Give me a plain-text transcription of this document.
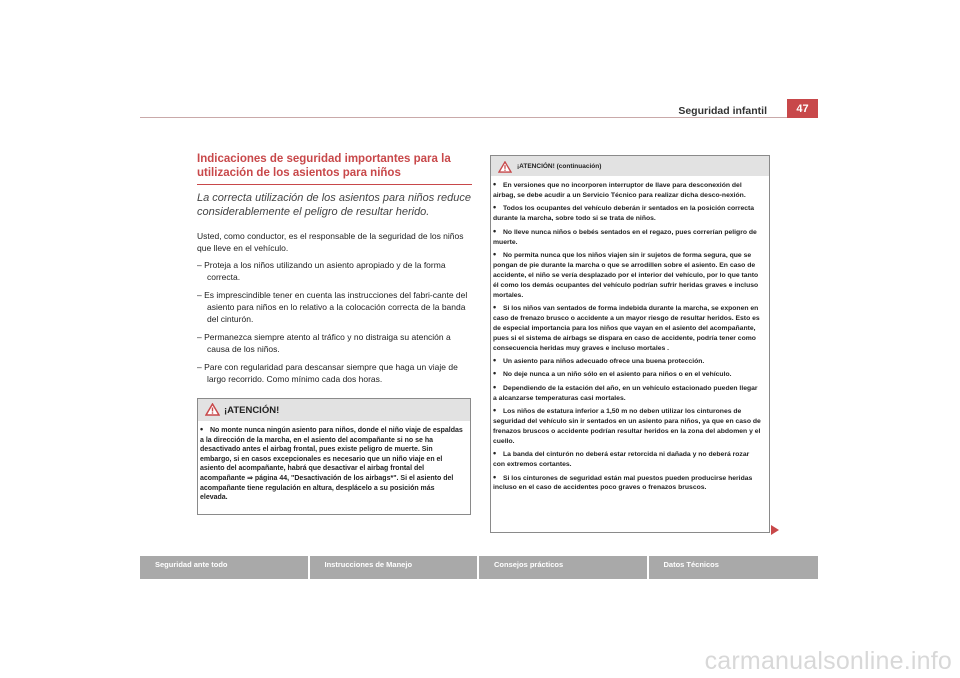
Seguridad infantil	47
Indicaciones de seguridad importantes para la utilización de los asientos para niños

La correcta utilización de los asientos para niños reduce considerablemente el peligro de resultar herido.

Usted, como conductor, es el responsable de la seguridad de los niños que lleve en el vehículo.

– Proteja a los niños utilizando un asiento apropiado y de la forma correcta.

– Es imprescindible tener en cuenta las instrucciones del fabri-cante del asiento para niños en lo relativo a la colocación correcta de la banda del cinturón.

– Permanezca siempre atento al tráfico y no distraiga su atención a causa de los niños.

– Pare con regularidad para descansar siempre que haga un viaje de largo recorrido. Como mínimo cada dos horas.

¡ATENCIÓN!

• No monte nunca ningún asiento para niños, donde el niño viaje de espaldas a la dirección de la marcha, en el asiento del acompañante si no se ha desactivado antes el airbag frontal, pues existe peligro de muerte. Sin embargo, si en casos excepcionales es necesario que un niño viaje en el asiento del acompañante, habrá que desactivar el airbag frontal del acompañante ⇒ página 44, "Desactivación de los airbags*". Si el asiento del acompañante tiene regulación en altura, desplácelo a su posición más elevada.

¡ATENCIÓN! (continuación)

• En versiones que no incorporen interruptor de llave para desconexión del airbag, se debe acudir a un Servicio Técnico para realizar dicha desco-nexión.

• Todos los ocupantes del vehículo deberán ir sentados en la posición correcta durante la marcha, sobre todo si se trata de niños.

• No lleve nunca niños o bebés sentados en el regazo, pues correrían peligro de muerte.

• No permita nunca que los niños viajen sin ir sujetos de forma segura, que se pongan de pie durante la marcha o que se arrodillen sobre el asiento. En caso de accidente, el niño se vería desplazado por el interior del vehículo, por lo que tanto él como los demás ocupantes del vehículo podrían sufrir heridas graves e incluso mortales.

• Si los niños van sentados de forma indebida durante la marcha, se exponen en caso de frenazo brusco o accidente a un mayor riesgo de resultar heridos. Esto es de especial importancia para los niños que vayan en el asiento del acompañante, pues si el sistema de airbags se dispara en caso de accidente, podría tener como consecuencia heridas muy graves e incluso mortales .

• Un asiento para niños adecuado ofrece una buena protección.

• No deje nunca a un niño sólo en el asiento para niños o en el vehículo.

• Dependiendo de la estación del año, en un vehículo estacionado pueden llegar a alcanzarse temperaturas casi mortales.

• Los niños de estatura inferior a 1,50 m no deben utilizar los cinturones de seguridad del vehículo sin ir sentados en un asiento para niños, ya que en caso de frenazos bruscos o accidente podrían resultar heridos en la zona del abdomen y el cuello.

• La banda del cinturón no deberá estar retorcida ni dañada y no deberá rozar con extremos cortantes.

• Si los cinturones de seguridad están mal puestos pueden producirse heridas incluso en el caso de accidentes poco graves o frenazos bruscos.

Seguridad ante todo	Instrucciones de Manejo	Consejos prácticos	Datos Técnicos
carmanualsonline.info
